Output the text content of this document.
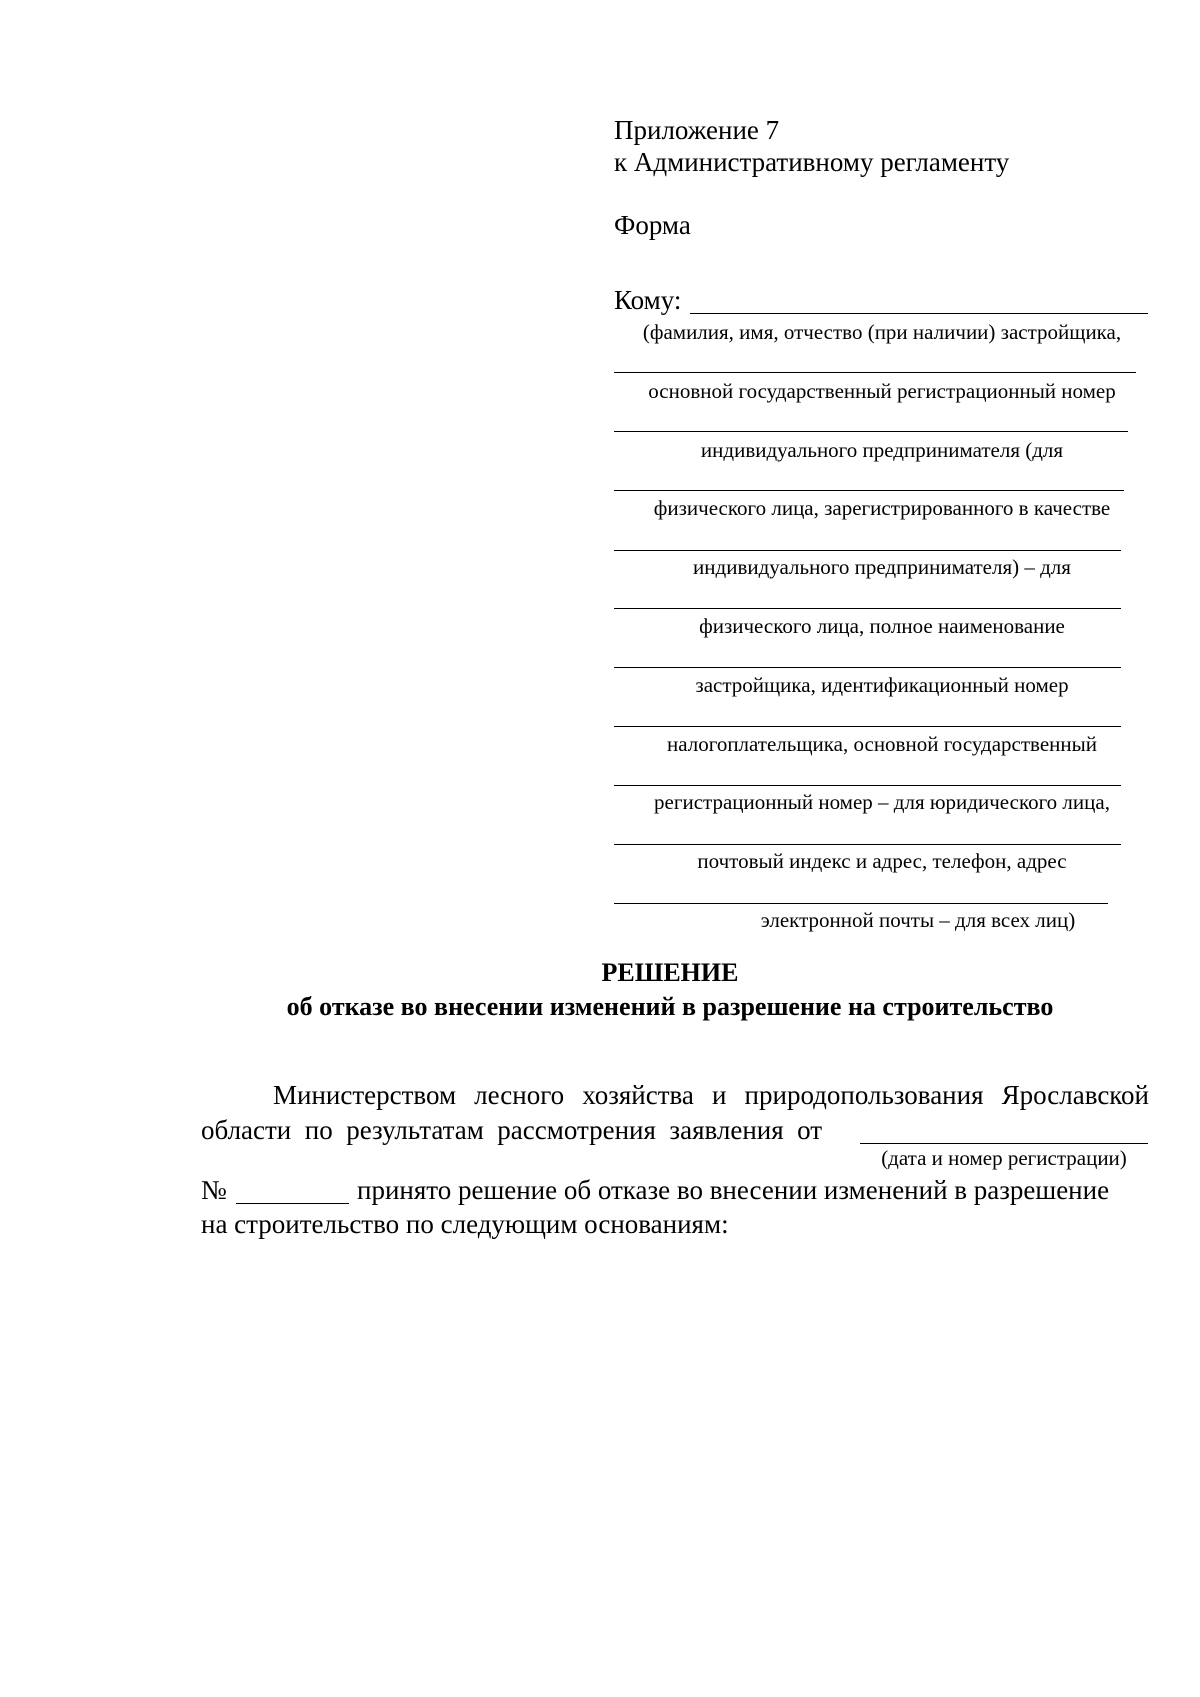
Приложение 7
к Административному регламенту
Форма
Кому:
(фамилия, имя, отчество (при наличии) застройщика,
основной государственный регистрационный номер
индивидуального предпринимателя (для
физического лица, зарегистрированного в качестве
индивидуального предпринимателя) – для
физического лица, полное наименование
застройщика, идентификационный номер
налогоплательщика, основной государственный
регистрационный номер – для юридического лица,
почтовый индекс и адрес, телефон, адрес
электронной почты – для всех лиц)
РЕШЕНИЕ
об отказе во внесении изменений в разрешение на строительство
Министерством лесного хозяйства и природопользования Ярославской
области  по  результатам  рассмотрения  заявления  от
(дата и номер регистрации)
№	принято решение об отказе во внесении изменений в разрешение
на строительство по следующим основаниям:
